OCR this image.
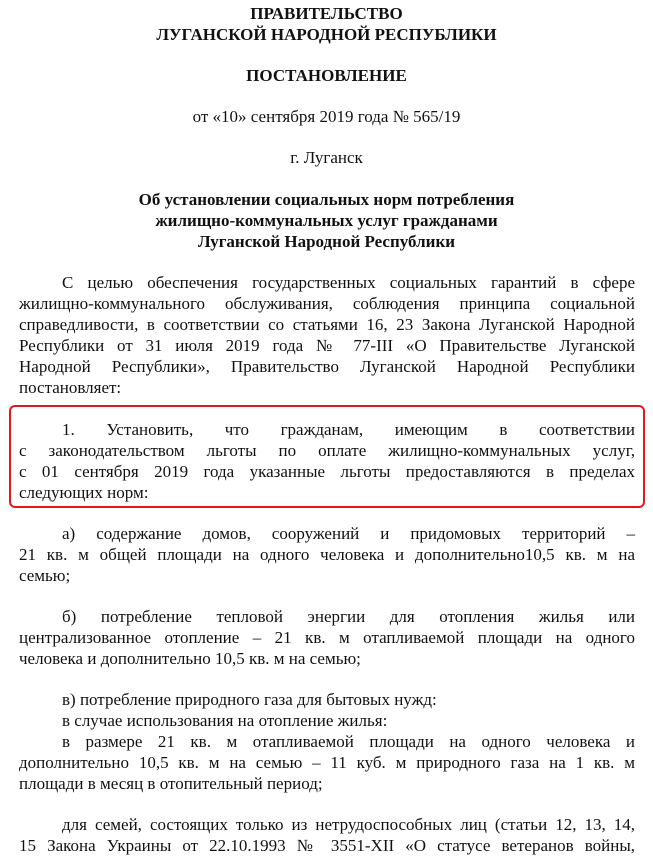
ПРАВИТЕЛЬСТВО
ЛУГАНСКОЙ НАРОДНОЙ РЕСПУБЛИКИ
ПОСТАНОВЛЕНИЕ
от «10» сентября 2019 года № 565/19
г. Луганск
Об установлении социальных норм потребления
жилищно-коммунальных услуг гражданами
Луганской Народной Республики
С целью обеспечения государственных социальных гарантий в сфере
жилищно-коммунального обслуживания, соблюдения принципа социальной
справедливости, в соответствии со статьями 16, 23 Закона Луганской Народной
Республики от 31 июля 2019 года № 77-III «О Правительстве Луганской
Народной Республики», Правительство Луганской Народной Республики
постановляет:
1. Установить, что гражданам, имеющим в соответствии
с законодательством льготы по оплате жилищно-коммунальных услуг,
с 01 сентября 2019 года указанные льготы предоставляются в пределах
следующих норм:
а) содержание домов, сооружений и придомовых территорий –
21 кв. м общей площади на одного человека и дополнительно10,5 кв. м на
семью;
б) потребление тепловой энергии для отопления жилья или
централизованное отопление – 21 кв. м отапливаемой площади на одного
человека и дополнительно 10,5 кв. м на семью;
в) потребление природного газа для бытовых нужд:
в случае использования на отопление жилья:
в размере 21 кв. м отапливаемой площади на одного человека и
дополнительно 10,5 кв. м на семью – 11 куб. м природного газа на 1 кв. м
площади в месяц в отопительный период;
для семей, состоящих только из нетрудоспособных лиц (статьи 12, 13, 14,
15 Закона Украины от 22.10.1993 № 3551-XII «О статусе ветеранов войны,
